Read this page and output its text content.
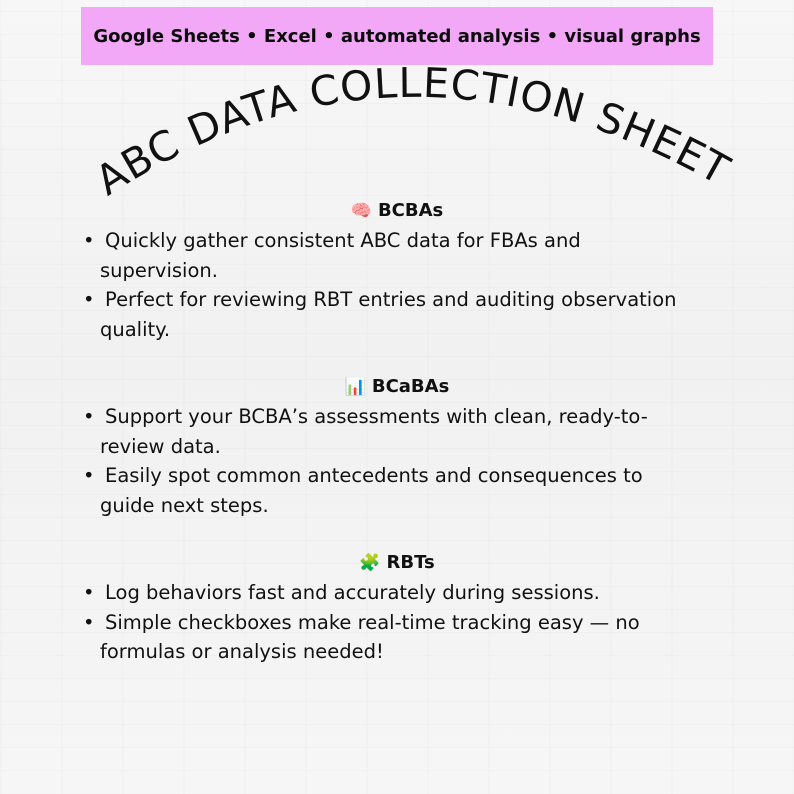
Google Sheets • Excel • automated analysis • visual graphs
ABC DATA COLLECTION SHEET
🧠 BCBAs
• Quickly gather consistent ABC data for FBAs and
supervision.
• Perfect for reviewing RBT entries and auditing observation
quality.
📊 BCaBAs
• Support your BCBA’s assessments with clean, ready-to-
review data.
• Easily spot common antecedents and consequences to
guide next steps.
🧩 RBTs
• Log behaviors fast and accurately during sessions.
• Simple checkboxes make real-time tracking easy — no
formulas or analysis needed!
